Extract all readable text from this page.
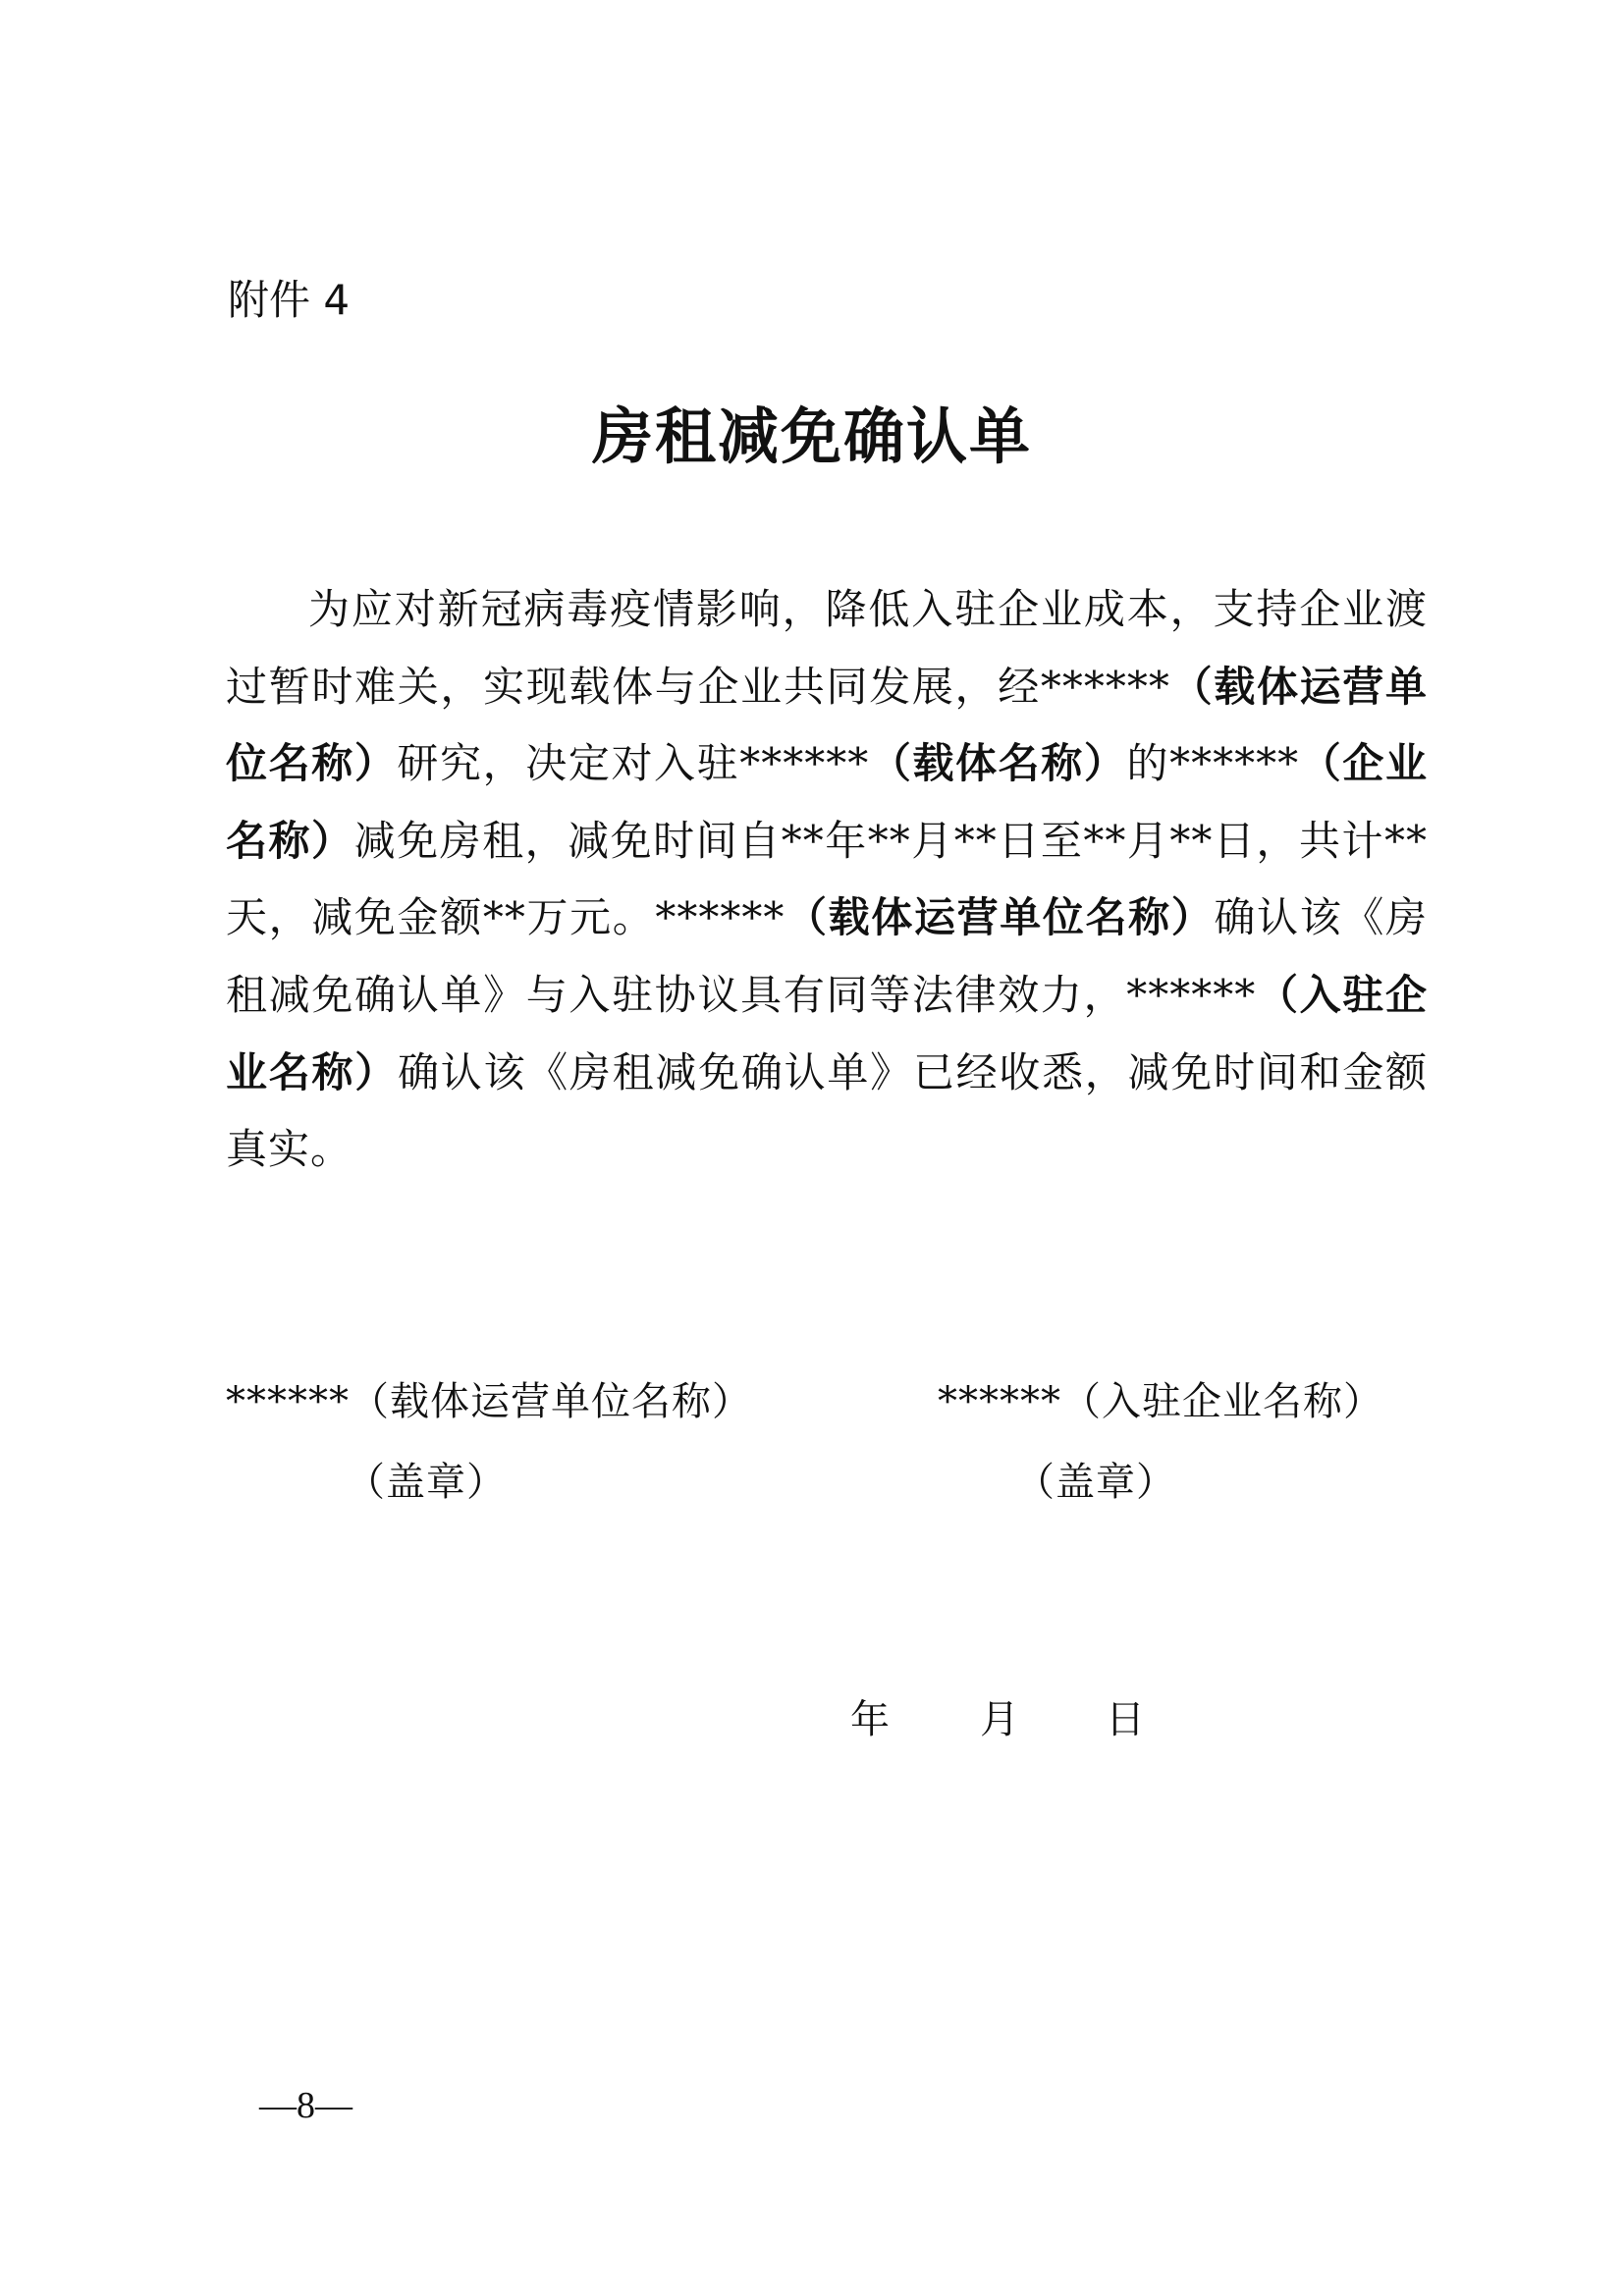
附件 4
房租减免确认单
为应对新冠病毒疫情影响，降低入驻企业成本，支持企业渡过暂时难关，实现载体与企业共同发展，经******（载体运营单位名称）研究，决定对入驻******（载体名称）的******（企业名称）减免房租，减免时间自**年**月**日至**月**日，共计**天，减免金额**万元。******（载体运营单位名称）确认该《房租减免确认单》与入驻协议具有同等法律效力，******（入驻企业名称）确认该《房租减免确认单》已经收悉，减免时间和金额真实。
******（载体运营单位名称）
（盖章）
******（入驻企业名称）
（盖章）
年 月 日
—8—
